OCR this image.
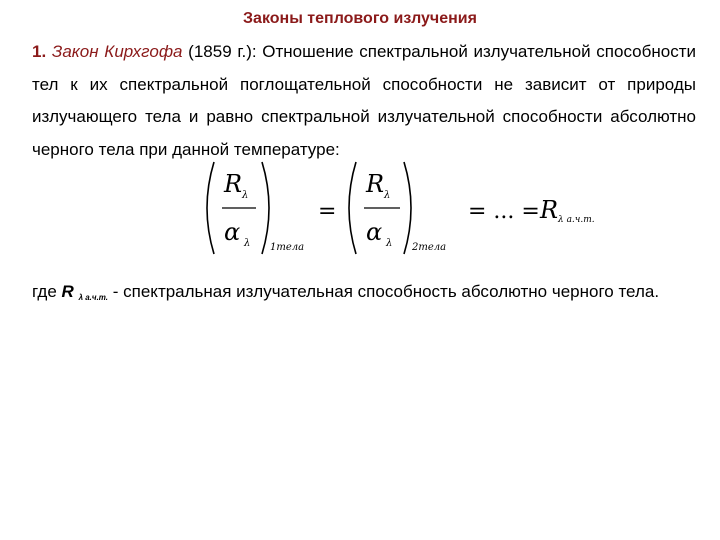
Законы теплового излучения
1. Закон Кирхгофа (1859 г.): Отношение спектральной излучательной способности тел к их спектральной поглощательной способности не зависит от природы излучающего тела и равно спектральной излучательной способности абсолютно черного тела при данной температуре:
R λ
α λ 1тела
=
R λ
α λ 2тела
= ... = R λ а.ч.т.
где R λ а.ч.т. - спектральная излучательная способность абсолютно черного тела.
